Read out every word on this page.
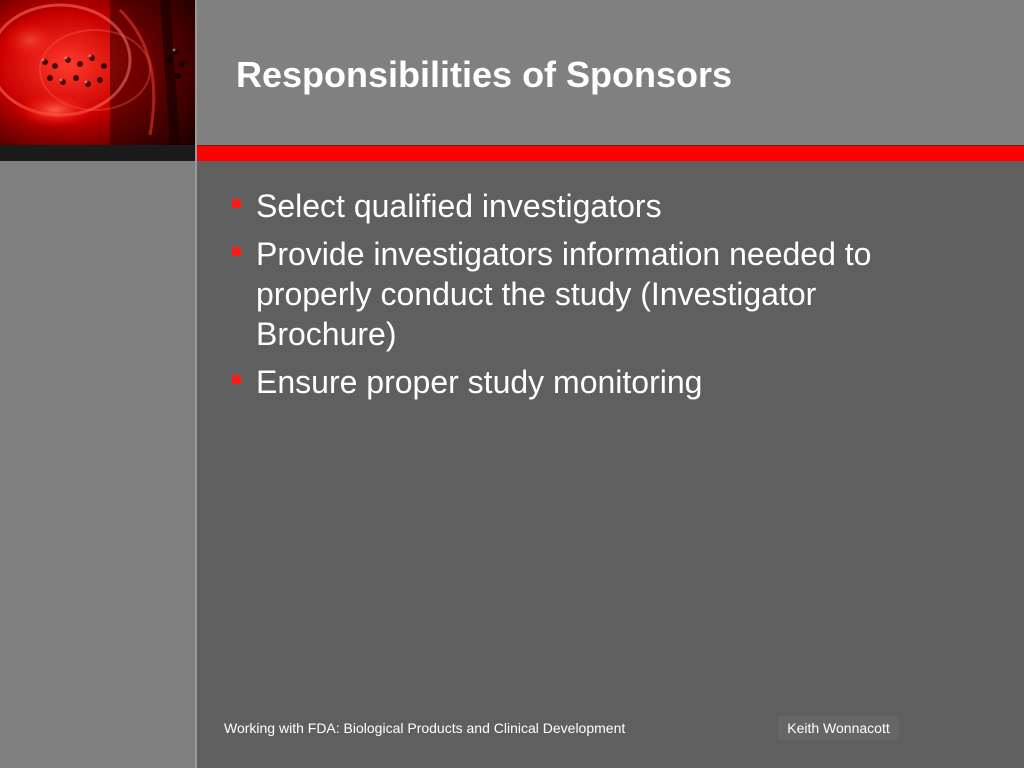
Responsibilities of Sponsors
Select qualified investigators
Provide investigators information needed to properly conduct the study (Investigator Brochure)
Ensure proper study monitoring
Working with FDA: Biological Products and Clinical Development	Keith Wonnacott
